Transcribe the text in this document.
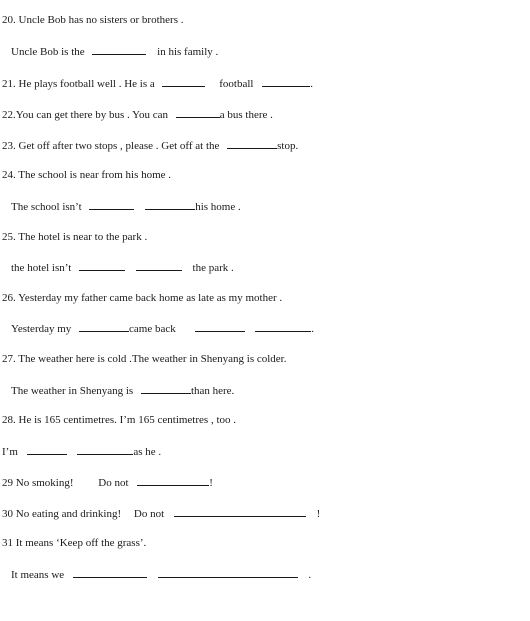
20. Uncle Bob has no sisters or brothers .
Uncle Bob is the	in his family .
21. He plays football well . He is a	football	.
22.You can get there by bus . You can	a bus there .
23. Get off after two stops , please . Get off at the	stop.
24. The school is near from his home .
The school isn’t	his home .
25. The hotel is near to the park .
the hotel isn’t	the park .
26. Yesterday my father came back home as late as my mother .
Yesterday my	came back	.
27. The weather here is cold .The weather in Shenyang is colder.
The weather in Shenyang is	than here.
28. He is 165 centimetres. I’m 165 centimetres , too .
I’m	as he .
29 No smoking! Do not	!
30 No eating and drinking! Do not	!
31 It means ‘Keep off the grass’.
It means we	.
